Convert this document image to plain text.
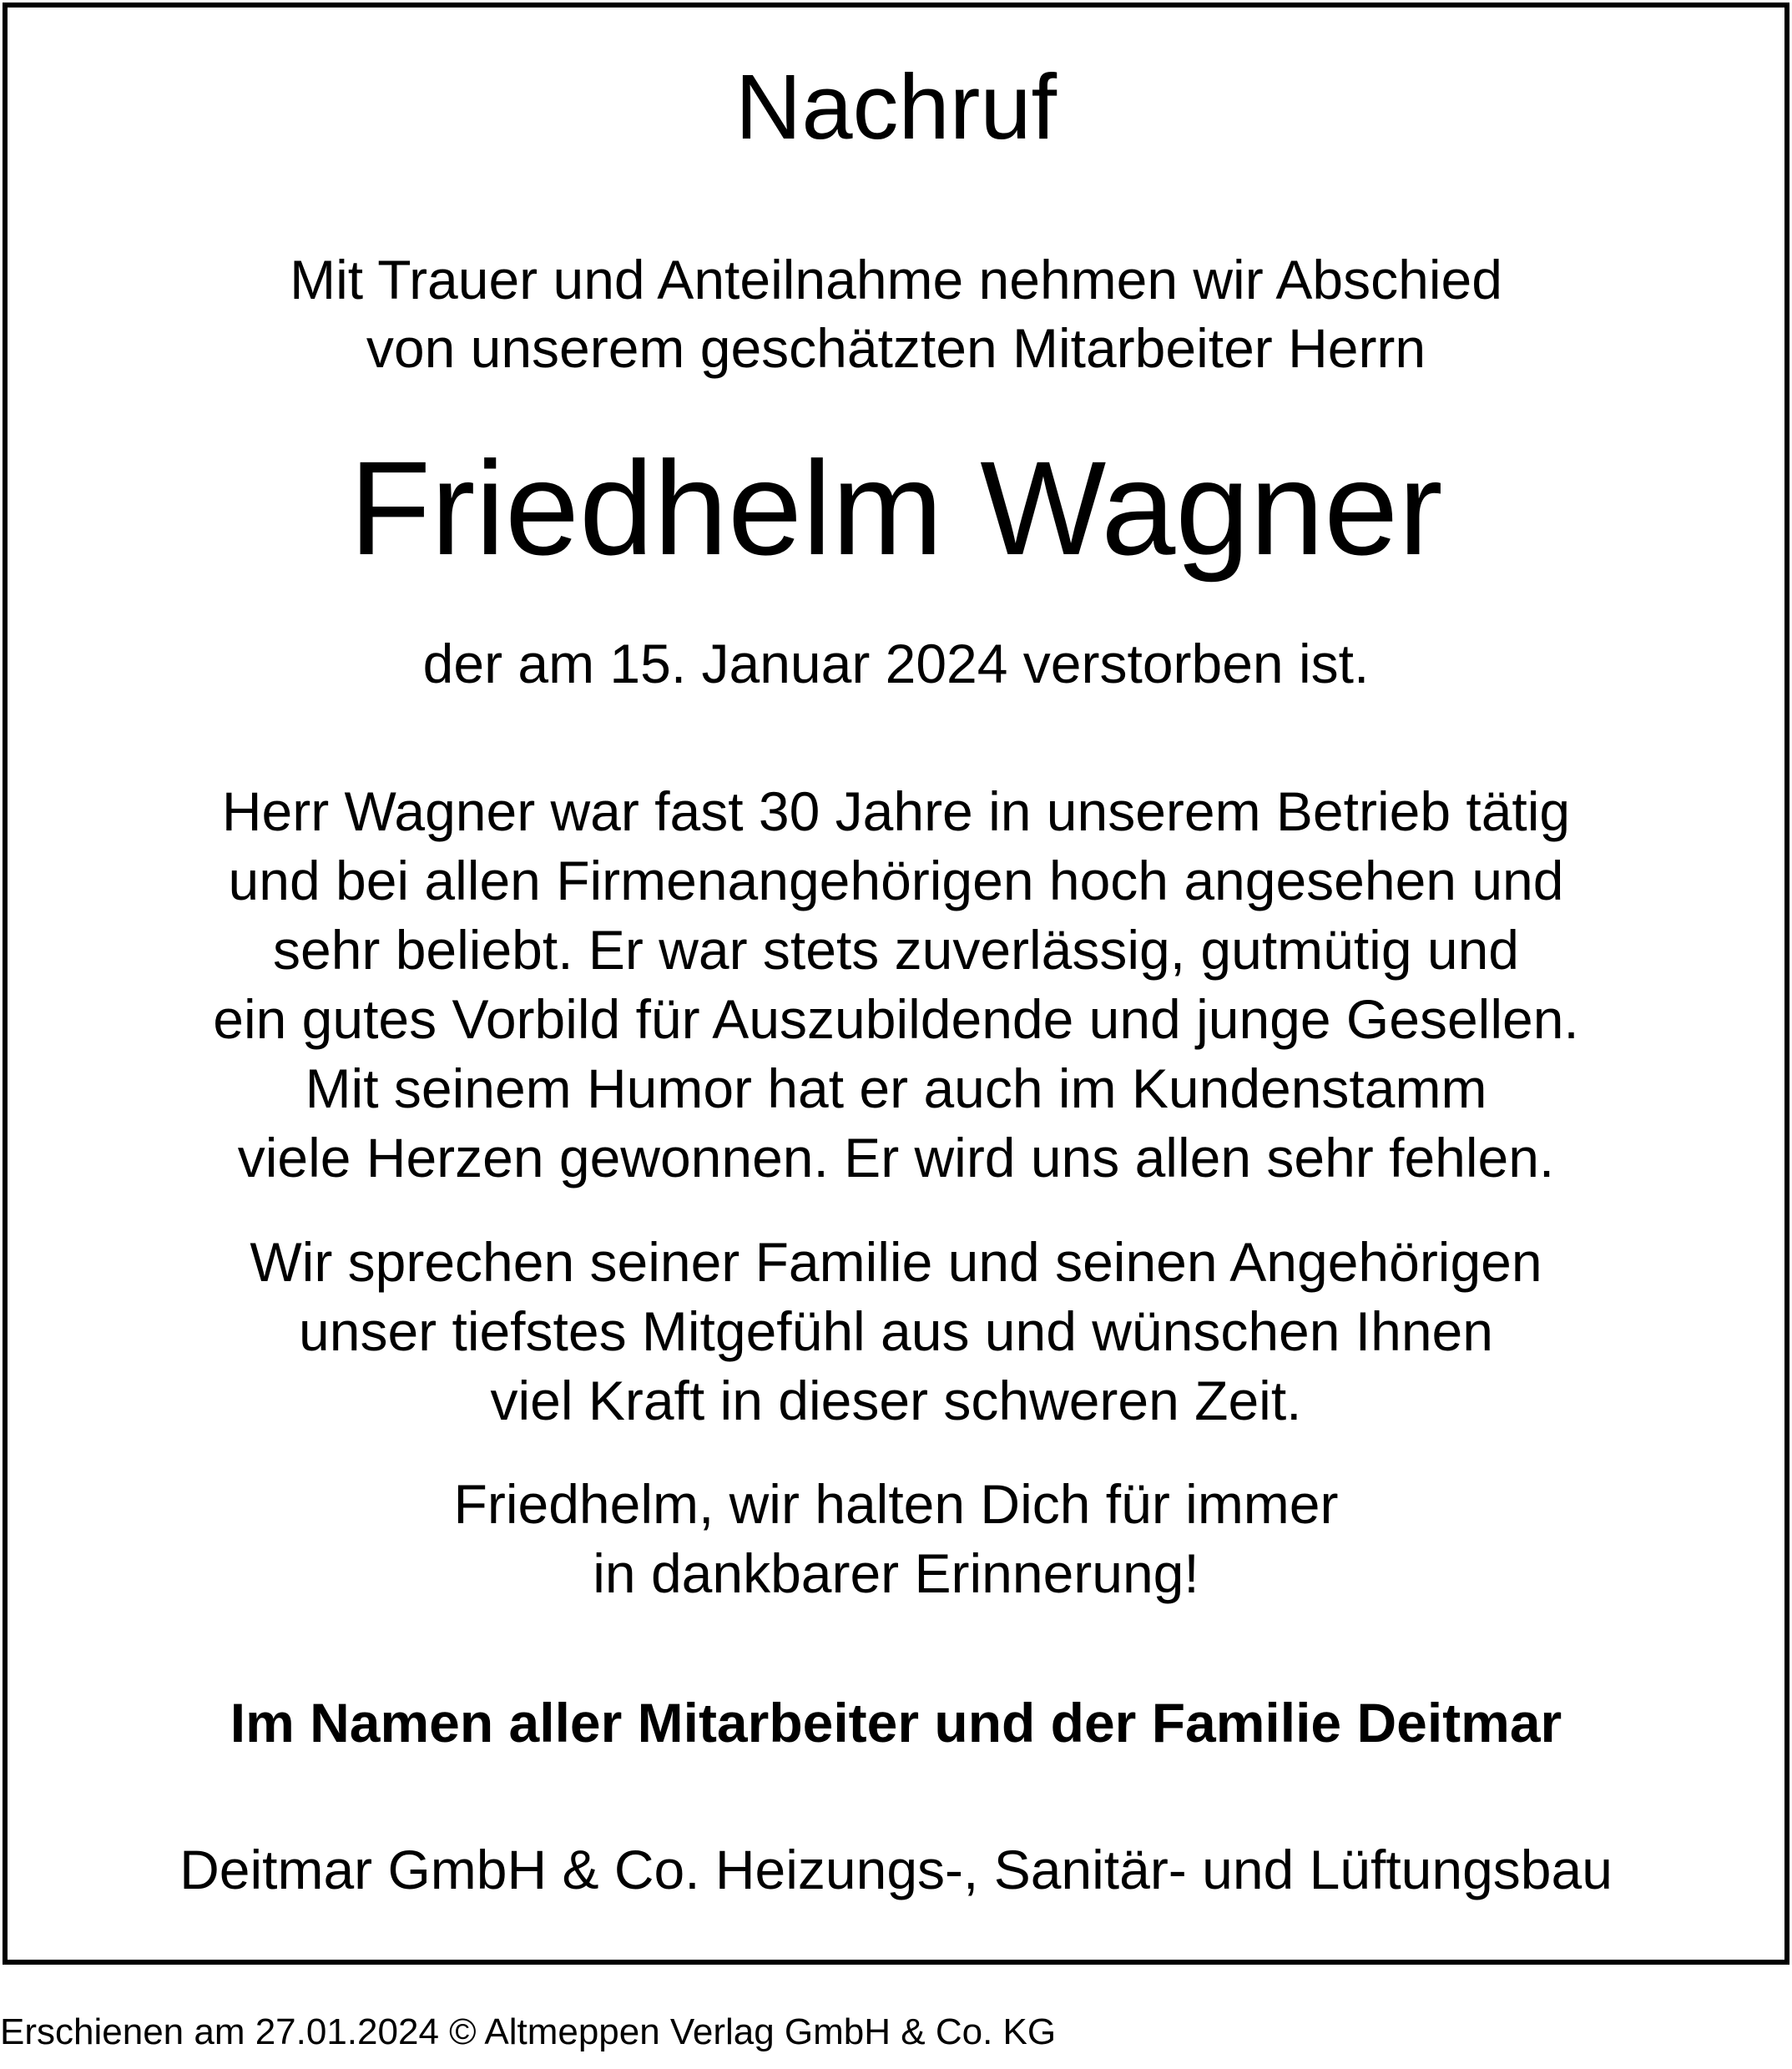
Nachruf
Mit Trauer und Anteilnahme nehmen wir Abschied
von unserem geschätzten Mitarbeiter Herrn
Friedhelm Wagner
der am 15. Januar 2024 verstorben ist.
Herr Wagner war fast 30 Jahre in unserem Betrieb tätig
und bei allen Firmenangehörigen hoch angesehen und
sehr beliebt. Er war stets zuverlässig, gutmütig und
ein gutes Vorbild für Auszubildende und junge Gesellen.
Mit seinem Humor hat er auch im Kundenstamm
viele Herzen gewonnen. Er wird uns allen sehr fehlen.
Wir sprechen seiner Familie und seinen Angehörigen
unser tiefstes Mitgefühl aus und wünschen Ihnen
viel Kraft in dieser schweren Zeit.
Friedhelm, wir halten Dich für immer
in dankbarer Erinnerung!
Im Namen aller Mitarbeiter und der Familie Deitmar
Deitmar GmbH & Co. Heizungs-, Sanitär- und Lüftungsbau
Erschienen am 27.01.2024 © Altmeppen Verlag GmbH & Co. KG
